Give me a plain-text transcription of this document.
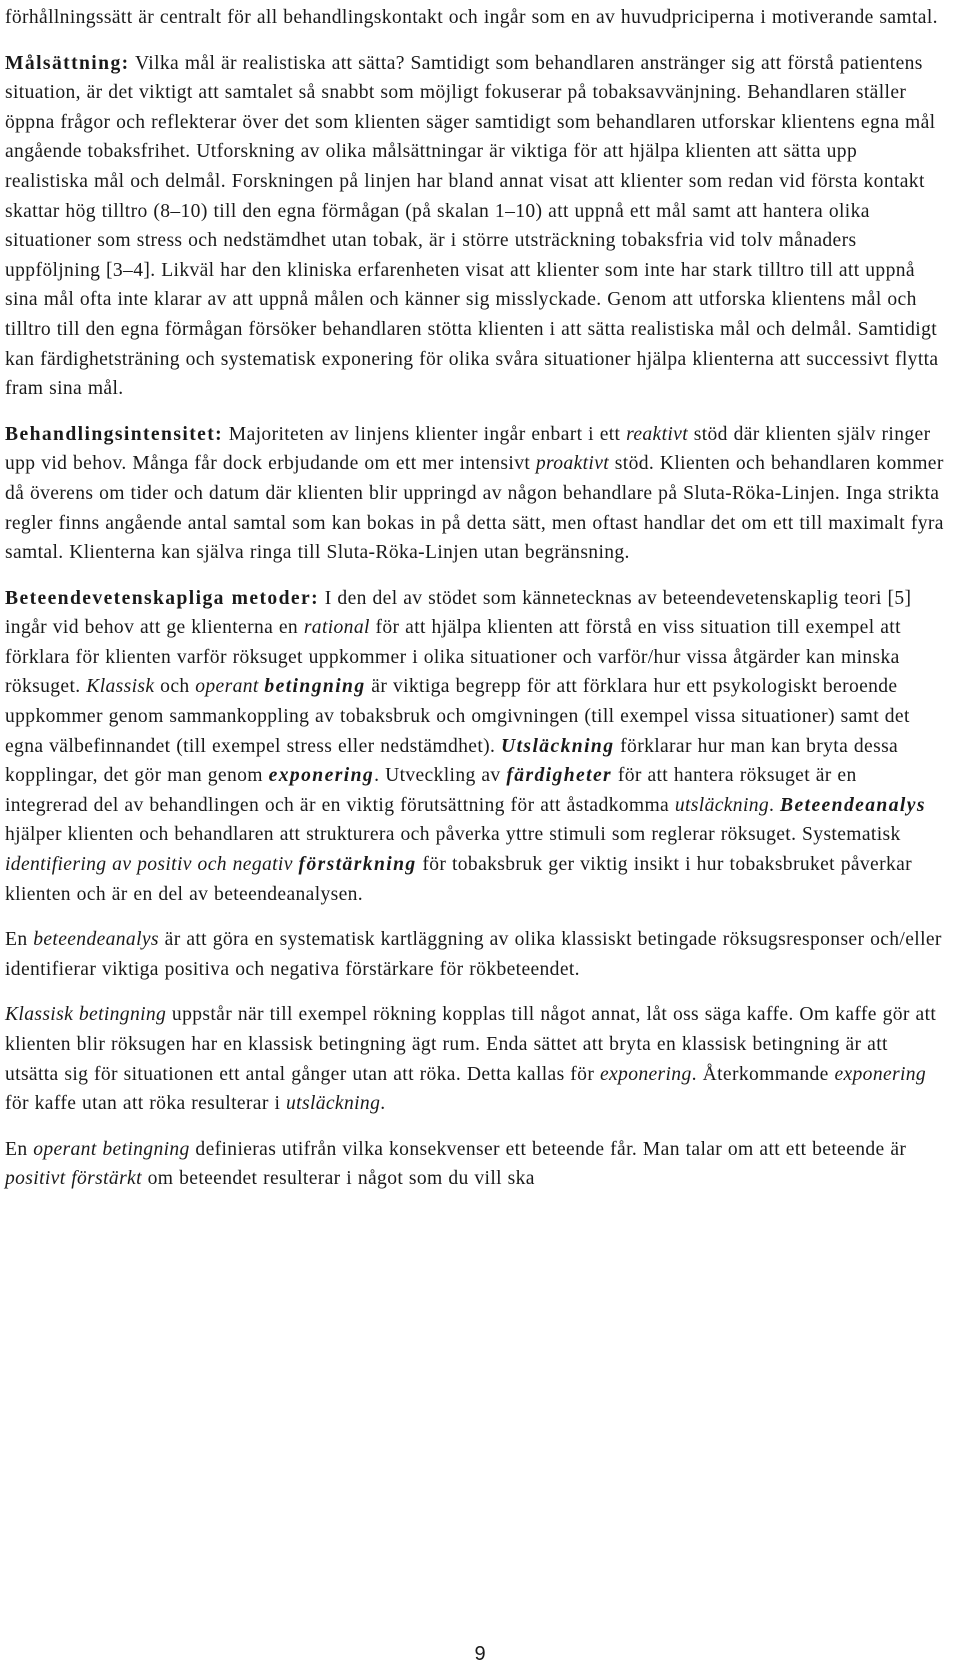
förhållningssätt är centralt för all behandlingskontakt och ingår som en av huvudpriciperna i motiverande samtal.

Målsättning: Vilka mål är realistiska att sätta? Samtidigt som behandlaren anstränger sig att förstå patientens situation, är det viktigt att samtalet så snabbt som möjligt fokuserar på tobaksavvänjning. Behandlaren ställer öppna frågor och reflekterar över det som klienten säger samtidigt som behandlaren utforskar klientens egna mål angående tobaksfrihet. Utforskning av olika målsättningar är viktiga för att hjälpa klienten att sätta upp realistiska mål och delmål. Forskningen på linjen har bland annat visat att klienter som redan vid första kontakt skattar hög tilltro (8–10) till den egna förmågan (på skalan 1–10) att uppnå ett mål samt att hantera olika situationer som stress och nedstämdhet utan tobak, är i större utsträckning tobaksfria vid tolv månaders uppföljning [3–4]. Likväl har den kliniska erfarenheten visat att klienter som inte har stark tilltro till att uppnå sina mål ofta inte klarar av att uppnå målen och känner sig misslyckade. Genom att utforska klientens mål och tilltro till den egna förmågan försöker behandlaren stötta klienten i att sätta realistiska mål och delmål. Samtidigt kan färdighetsträning och systematisk exponering för olika svåra situationer hjälpa klienterna att successivt flytta fram sina mål.

Behandlingsintensitet: Majoriteten av linjens klienter ingår enbart i ett reaktivt stöd där klienten själv ringer upp vid behov. Många får dock erbjudande om ett mer intensivt proaktivt stöd. Klienten och behandlaren kommer då överens om tider och datum där klienten blir uppringd av någon behandlare på Sluta-Röka-Linjen. Inga strikta regler finns angående antal samtal som kan bokas in på detta sätt, men oftast handlar det om ett till maximalt fyra samtal. Klienterna kan själva ringa till Sluta-Röka-Linjen utan begränsning.

Beteendevetenskapliga metoder: I den del av stödet som kännetecknas av beteendevetenskaplig teori [5] ingår vid behov att ge klienterna en rational för att hjälpa klienten att förstå en viss situation till exempel att förklara för klienten varför röksuget uppkommer i olika situationer och varför/hur vissa åtgärder kan minska röksuget. Klassisk och operant betingning är viktiga begrepp för att förklara hur ett psykologiskt beroende uppkommer genom sammankoppling av tobaksbruk och omgivningen (till exempel vissa situationer) samt det egna välbefinnandet (till exempel stress eller nedstämdhet). Utsläckning förklarar hur man kan bryta dessa kopplingar, det gör man genom exponering. Utveckling av färdigheter för att hantera röksuget är en integrerad del av behandlingen och är en viktig förutsättning för att åstadkomma utsläckning. Beteendeanalys hjälper klienten och behandlaren att strukturera och påverka yttre stimuli som reglerar röksuget. Systematisk identifiering av positiv och negativ förstärkning för tobaksbruk ger viktig insikt i hur tobaksbruket påverkar klienten och är en del av beteendeanalysen.

En beteendeanalys är att göra en systematisk kartläggning av olika klassiskt betingade röksugsresponser och/eller identifierar viktiga positiva och negativa förstärkare för rökbeteendet.

Klassisk betingning uppstår när till exempel rökning kopplas till något annat, låt oss säga kaffe. Om kaffe gör att klienten blir röksugen har en klassisk betingning ägt rum. Enda sättet att bryta en klassisk betingning är att utsätta sig för situationen ett antal gånger utan att röka. Detta kallas för exponering. Återkommande exponering för kaffe utan att röka resulterar i utsläckning.

En operant betingning definieras utifrån vilka konsekvenser ett beteende får. Man talar om att ett beteende är positivt förstärkt om beteendet resulterar i något som du vill ska

9
